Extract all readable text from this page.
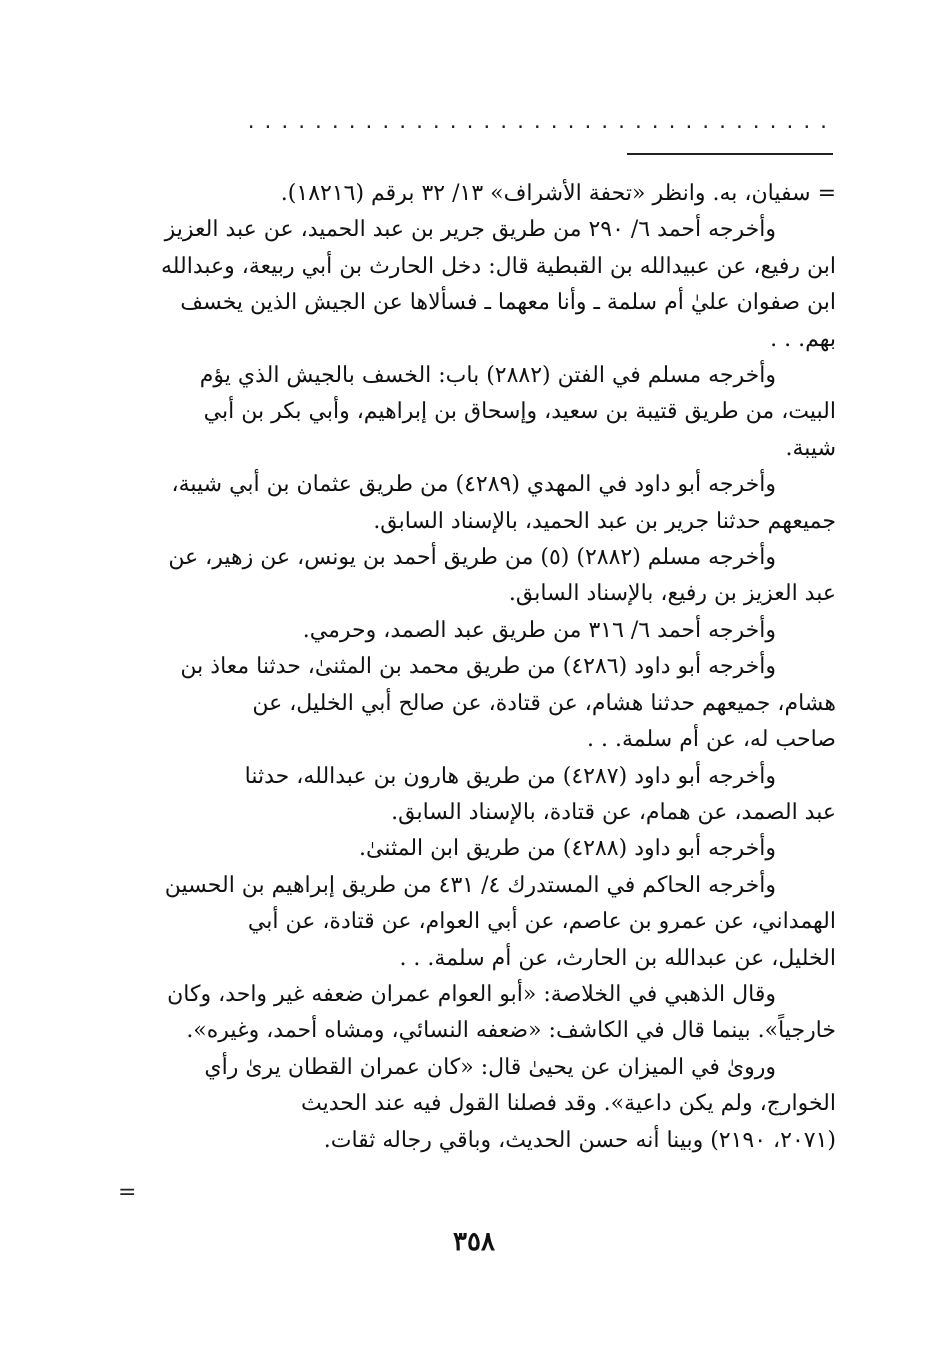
...................................
= سفيان، به. وانظر «تحفة الأشراف» ١٣/ ٣٢ برقم (١٨٢١٦).
وأخرجه أحمد ٦/ ٢٩٠ من طريق جرير بن عبد الحميد، عن عبد العزيز
ابن رفيع، عن عبيدالله بن القبطية قال: دخل الحارث بن أبي ربيعة، وعبدالله
ابن صفوان عليٰ أم سلمة ـ وأنا معهما ـ فسألاها عن الجيش الذين يخسف
بهم. . .
وأخرجه مسلم في الفتن (٢٨٨٢) باب: الخسف بالجيش الذي يؤم
البيت، من طريق قتيبة بن سعيد، وإسحاق بن إبراهيم، وأبي بكر بن أبي
شيبة.
وأخرجه أبو داود في المهدي (٤٢٨٩) من طريق عثمان بن أبي شيبة،
جميعهم حدثنا جرير بن عبد الحميد، بالإسناد السابق.
وأخرجه مسلم (٢٨٨٢) (٥) من طريق أحمد بن يونس، عن زهير، عن
عبد العزيز بن رفيع، بالإسناد السابق.
وأخرجه أحمد ٦/ ٣١٦ من طريق عبد الصمد، وحرمي.
وأخرجه أبو داود (٤٢٨٦) من طريق محمد بن المثنىٰ، حدثنا معاذ بن
هشام، جميعهم حدثنا هشام، عن قتادة، عن صالح أبي الخليل، عن
صاحب له، عن أم سلمة. . .
وأخرجه أبو داود (٤٢٨٧) من طريق هارون بن عبدالله، حدثنا
عبد الصمد، عن همام، عن قتادة، بالإسناد السابق.
وأخرجه أبو داود (٤٢٨٨) من طريق ابن المثنىٰ.
وأخرجه الحاكم في المستدرك ٤/ ٤٣١ من طريق إبراهيم بن الحسين
الهمداني، عن عمرو بن عاصم، عن أبي العوام، عن قتادة، عن أبي
الخليل، عن عبدالله بن الحارث، عن أم سلمة. . .
وقال الذهبي في الخلاصة: «أبو العوام عمران ضعفه غير واحد، وكان
خارجياً». بينما قال في الكاشف: «ضعفه النسائي، ومشاه أحمد، وغيره».
وروىٰ في الميزان عن يحيىٰ قال: «كان عمران القطان يرىٰ رأي
الخوارج، ولم يكن داعية». وقد فصلنا القول فيه عند الحديث
(٢٠٧١، ٢١٩٠) وبينا أنه حسن الحديث، وباقي رجاله ثقات.
=
٣٥٨
